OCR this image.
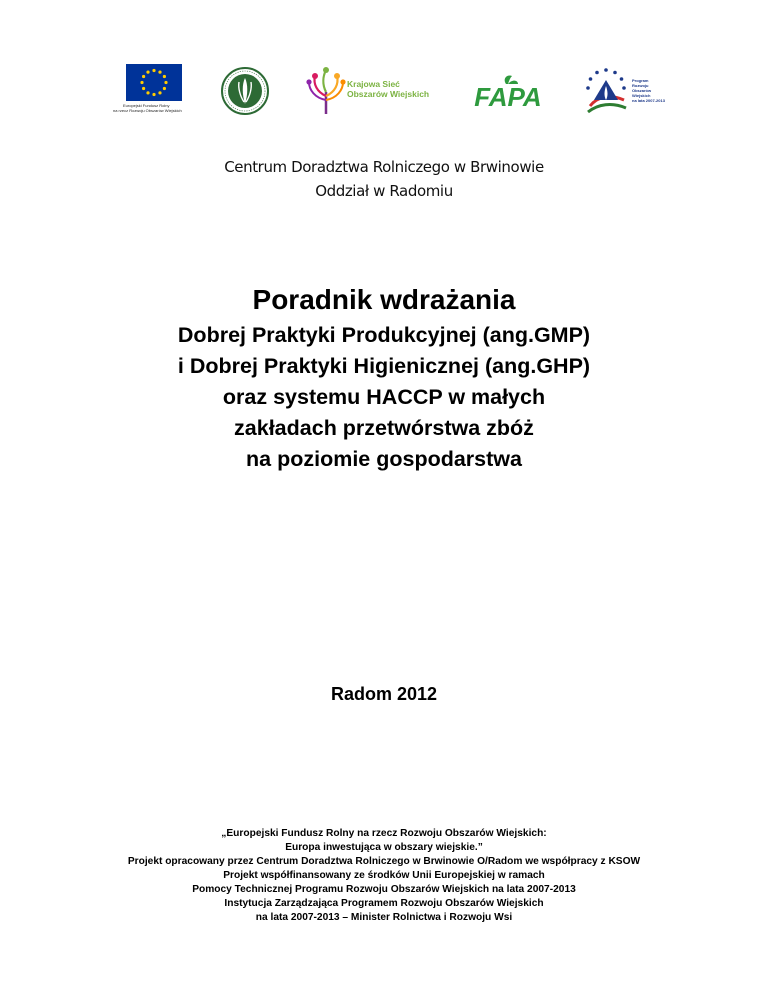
Europejski Fundusz Rolny
na rzecz Rozwoju Obszarów Wiejskich
Krajowa Sieć
Obszarów Wiejskich FAPA
Program
Rozwoju
Obszarów
Wiejskich
na lata 2007-2013
Centrum Doradztwa Rolniczego w Brwinowie
Oddział w Radomiu
Poradnik wdrażania
Dobrej Praktyki Produkcyjnej (ang.GMP)
i Dobrej Praktyki Higienicznej (ang.GHP)
oraz systemu HACCP w małych
zakładach przetwórstwa zbóż
na poziomie gospodarstwa
Radom 2012
„Europejski Fundusz Rolny na rzecz Rozwoju Obszarów Wiejskich:
Europa inwestująca w obszary wiejskie.”
Projekt opracowany przez Centrum Doradztwa Rolniczego w Brwinowie O/Radom we współpracy z KSOW
Projekt współfinansowany ze środków Unii Europejskiej w ramach
Pomocy Technicznej Programu Rozwoju Obszarów Wiejskich na lata 2007-2013
Instytucja Zarządzająca Programem Rozwoju Obszarów Wiejskich
na lata 2007-2013 – Minister Rolnictwa i Rozwoju Wsi
